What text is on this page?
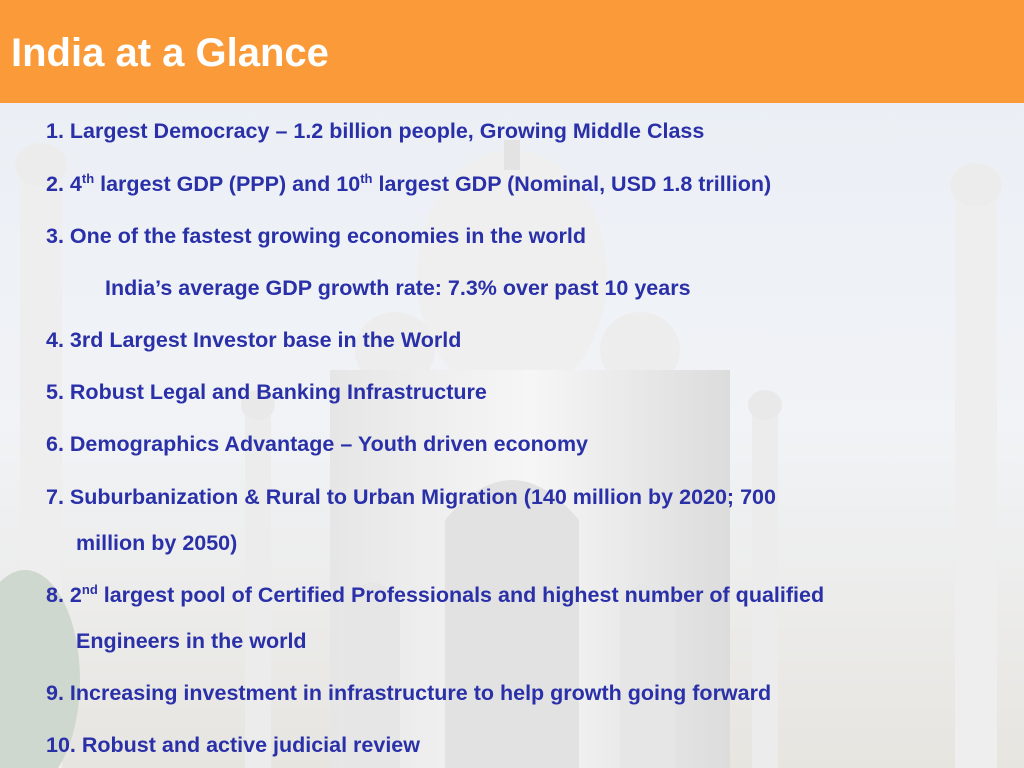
India at a Glance

1. Largest Democracy – 1.2 billion people, Growing Middle Class

2. 4th largest GDP (PPP) and 10th largest GDP (Nominal, USD 1.8 trillion)

3. One of the fastest growing economies in the world

India’s average GDP growth rate: 7.3% over past 10 years

4. 3rd Largest Investor base in the World

5. Robust Legal and Banking Infrastructure

6. Demographics Advantage – Youth driven economy

7. Suburbanization & Rural to Urban Migration (140 million by 2020; 700

million by 2050)

8. 2nd largest pool of Certified Professionals and highest number of qualified

Engineers in the world

9. Increasing investment in infrastructure to help growth going forward

10. Robust and active judicial review
